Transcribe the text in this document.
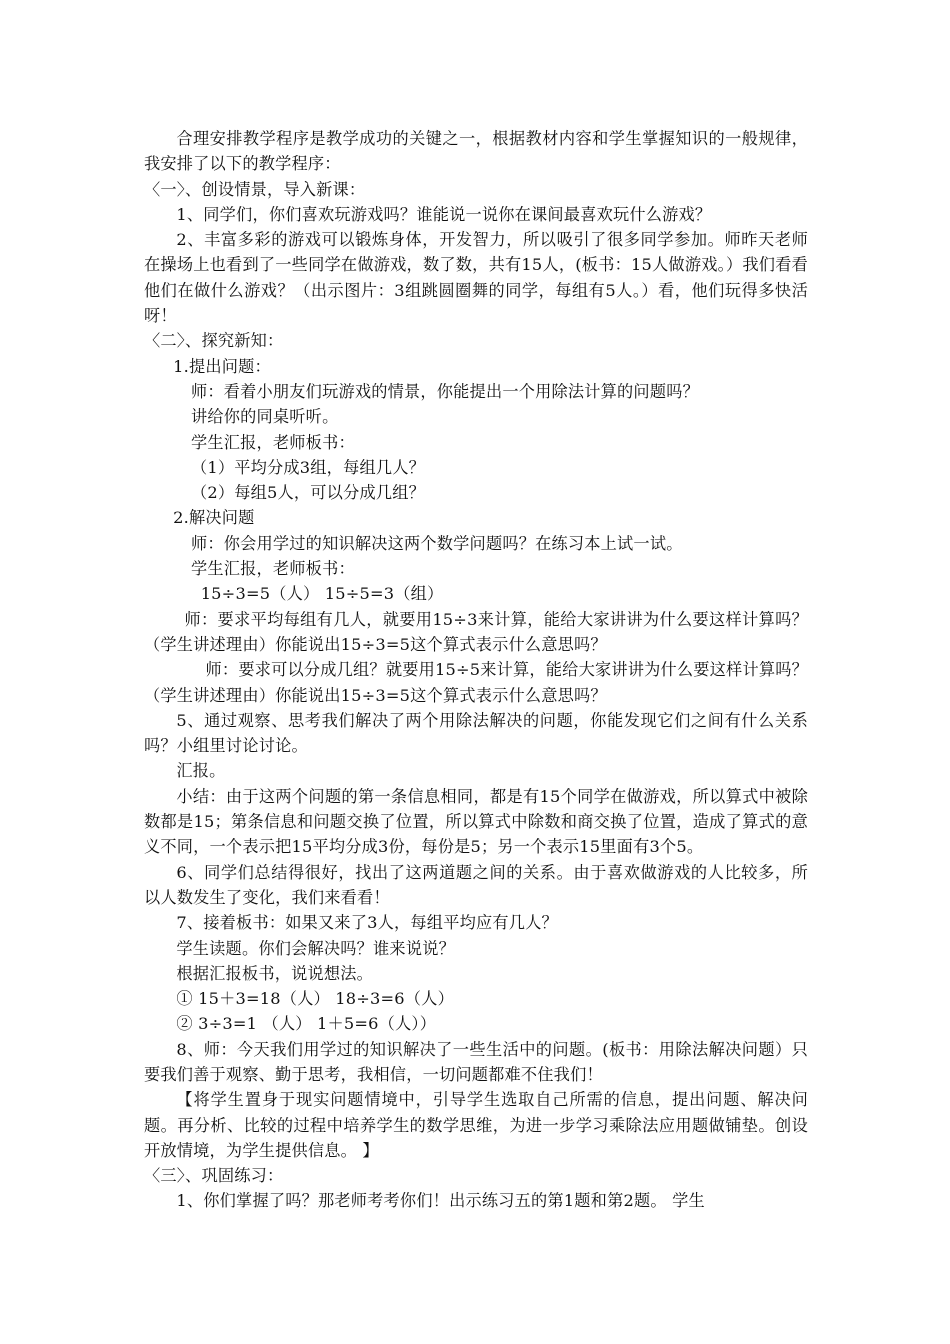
合理安排教学程序是教学成功的关键之一，根据教材内容和学生掌握知识的一般规律，我安排了以下的教学程序：

〈一〉、创设情景，导入新课：

1、同学们，你们喜欢玩游戏吗？谁能说一说你在课间最喜欢玩什么游戏？

2、丰富多彩的游戏可以锻炼身体，开发智力，所以吸引了很多同学参加。师昨天老师在操场上也看到了一些同学在做游戏，数了数，共有15人，(板书：15人做游戏。）我们看看他们在做什么游戏？（出示图片：3组跳圆圈舞的同学，每组有5人。）看，他们玩得多快活呀！

〈二〉、探究新知：

1.提出问题：

师：看着小朋友们玩游戏的情景，你能提出一个用除法计算的问题吗？

讲给你的同桌听听。

学生汇报，老师板书：

（1）平均分成3组，每组几人？

（2）每组5人，可以分成几组？

2.解决问题

师：你会用学过的知识解决这两个数学问题吗？在练习本上试一试。

学生汇报，老师板书：

15÷3=5（人） 15÷5=3（组）

师：要求平均每组有几人，就要用15÷3来计算，能给大家讲讲为什么要这样计算吗？（学生讲述理由）你能说出15÷3=5这个算式表示什么意思吗？

师：要求可以分成几组？就要用15÷5来计算，能给大家讲讲为什么要这样计算吗？（学生讲述理由）你能说出15÷3=5这个算式表示什么意思吗？

5、通过观察、思考我们解决了两个用除法解决的问题，你能发现它们之间有什么关系吗？小组里讨论讨论。

汇报。

小结：由于这两个问题的第一条信息相同，都是有15个同学在做游戏，所以算式中被除数都是15；第条信息和问题交换了位置，所以算式中除数和商交换了位置，造成了算式的意义不同，一个表示把15平均分成3份，每份是5；另一个表示15里面有3个5。

6、同学们总结得很好，找出了这两道题之间的关系。由于喜欢做游戏的人比较多，所以人数发生了变化，我们来看看！

7、接着板书：如果又来了3人，每组平均应有几人？

学生读题。你们会解决吗？谁来说说？

根据汇报板书，说说想法。

① 15＋3=18（人） 18÷3=6（人）

② 3÷3=1 （人） 1＋5=6（人））

8、师：今天我们用学过的知识解决了一些生活中的问题。(板书：用除法解决问题）只要我们善于观察、勤于思考，我相信，一切问题都难不住我们！

【将学生置身于现实问题情境中，引导学生选取自己所需的信息，提出问题、解决问题。再分析、比较的过程中培养学生的数学思维，为进一步学习乘除法应用题做铺垫。创设开放情境，为学生提供信息。 】

〈三〉、巩固练习：

1、你们掌握了吗？那老师考考你们！出示练习五的第1题和第2题。 学生
